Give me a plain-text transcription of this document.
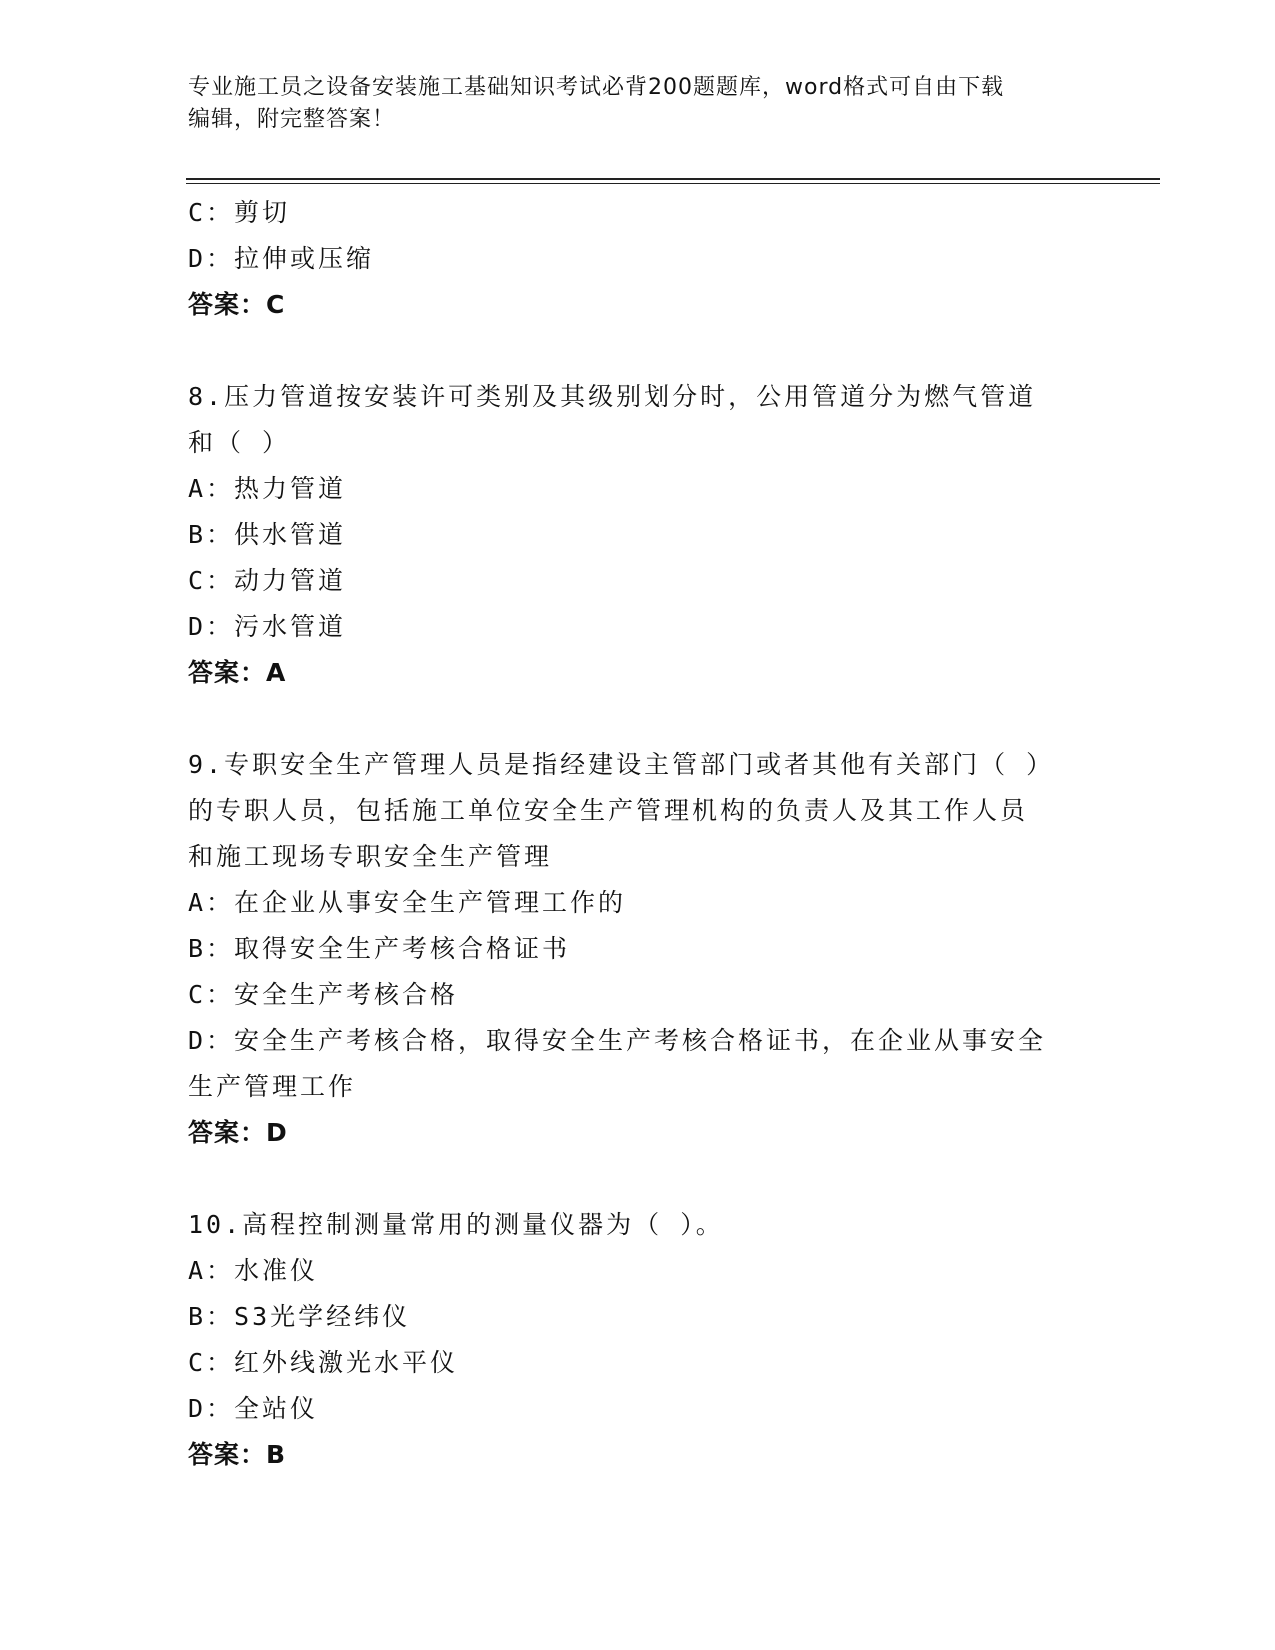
专业施工员之设备安装施工基础知识考试必背200题题库，word格式可自由下载
编辑，附完整答案！
C：剪切
D：拉伸或压缩
答案：C
8.压力管道按安装许可类别及其级别划分时，公用管道分为燃气管道
和（ ）
A：热力管道
B：供水管道
C：动力管道
D：污水管道
答案：A
9.专职安全生产管理人员是指经建设主管部门或者其他有关部门（ ）
的专职人员，包括施工单位安全生产管理机构的负责人及其工作人员
和施工现场专职安全生产管理
A：在企业从事安全生产管理工作的
B：取得安全生产考核合格证书
C：安全生产考核合格
D：安全生产考核合格，取得安全生产考核合格证书，在企业从事安全
生产管理工作
答案：D
10.高程控制测量常用的测量仪器为（ ）。
A：水准仪
B：S3光学经纬仪
C：红外线激光水平仪
D：全站仪
答案：B
